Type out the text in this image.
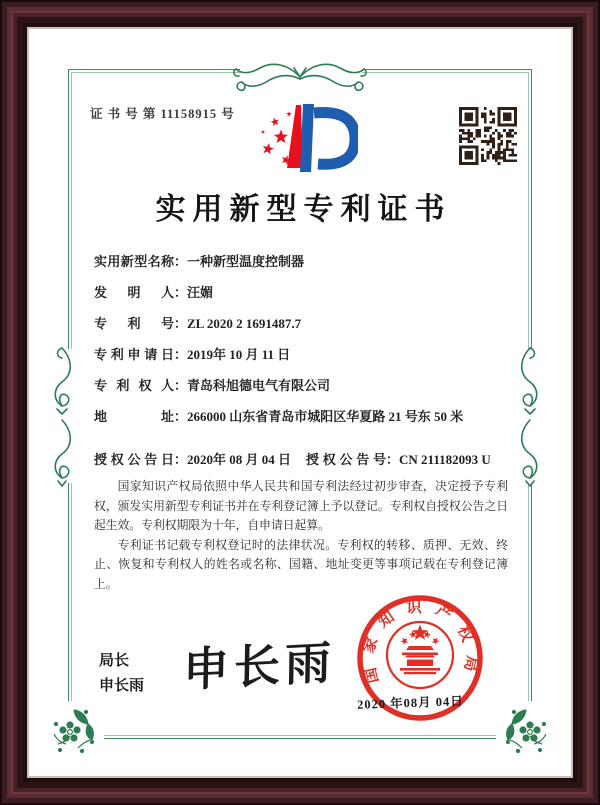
证 书 号 第 11158915 号
实用新型专利证书
实用新型名称：一种新型温度控制器
发明人：汪媚
专利号：ZL 2020 2 1691487.7
专利申请日：2019年 10 月 11 日
专利权人：青岛科旭德电气有限公司
地址：266000 山东省青岛市城阳区华夏路 21 号东 50 米
授权公告日：2020年 08 月 04 日	授权公告号：CN 211182093 U

国家知识产权局依照中华人民共和国专利法经过初步审查，决定授予专利权，颁发实用新型专利证书并在专利登记簿上予以登记。专利权自授权公告之日起生效。专利权期限为十年，自申请日起算。

专利证书记载专利权登记时的法律状况。专利权的转移、质押、无效、终止、恢复和专利权人的姓名或名称、国籍、地址变更等事项记载在专利登记簿上。

局长
申长雨 申长雨 国家知识产权局
2020 年08月 04日
